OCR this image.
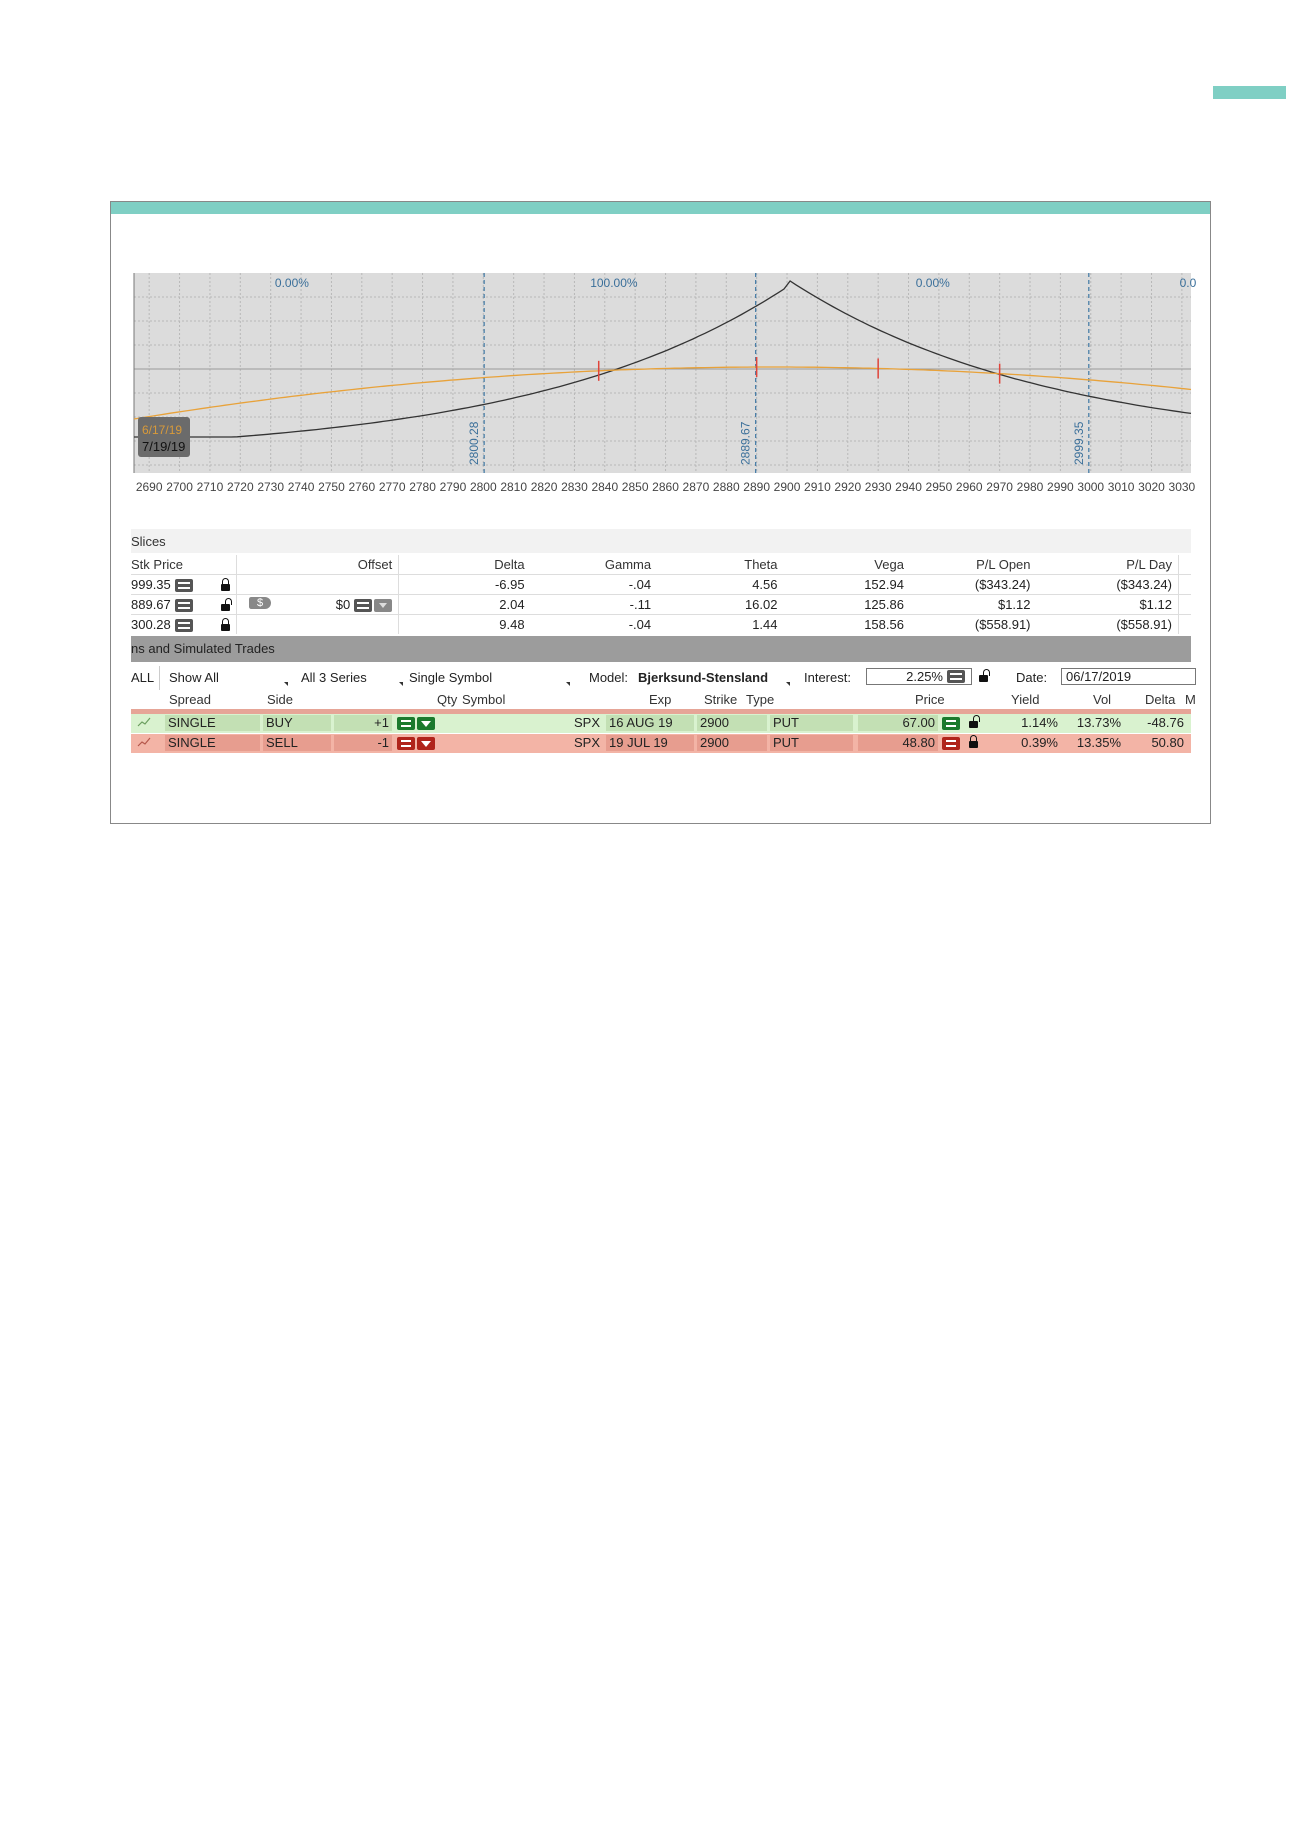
0.00%	100.00%	0.00%	0.0
2800.28	2889.67	2999.35
6/17/19
7/19/19
2690 2700 2710 2720 2730 2740 2750 2760 2770 2780 2790 2800 2810 2820 2830 2840 2850 2860 2870 2880 2890 2900 2910 2920 2930 2940 2950 2960 2970 2980 2990 3000 3010 3020 3030
Slices
Stk Price		Offset	Delta	Gamma	Theta	Vega	P/L Open	P/L Day	
999.35			-6.95	-.04	4.56	152.94	($343.24)	($343.24)	
889.67		$ $0	2.04	-.11	16.02	125.86	$1.12	$1.12	
300.28			9.48	-.04	1.44	158.56	($558.91)	($558.91)	
ns and Simulated Trades
ALL Show All	All 3 Series	Single Symbol	Model: Bjerksund-Stensland	Interest:	2.25%	Date:	06/17/2019
Spread	Side	Qty Symbol	Exp	Strike Type	Price	Yield	Vol	Delta M
SINGLE	BUY	+1	SPX 16 AUG 19	2900	PUT	67.00	1.14%	13.73%	-48.76
SINGLE	SELL	-1	SPX 19 JUL 19	2900	PUT	48.80	0.39%	13.35%	50.80
